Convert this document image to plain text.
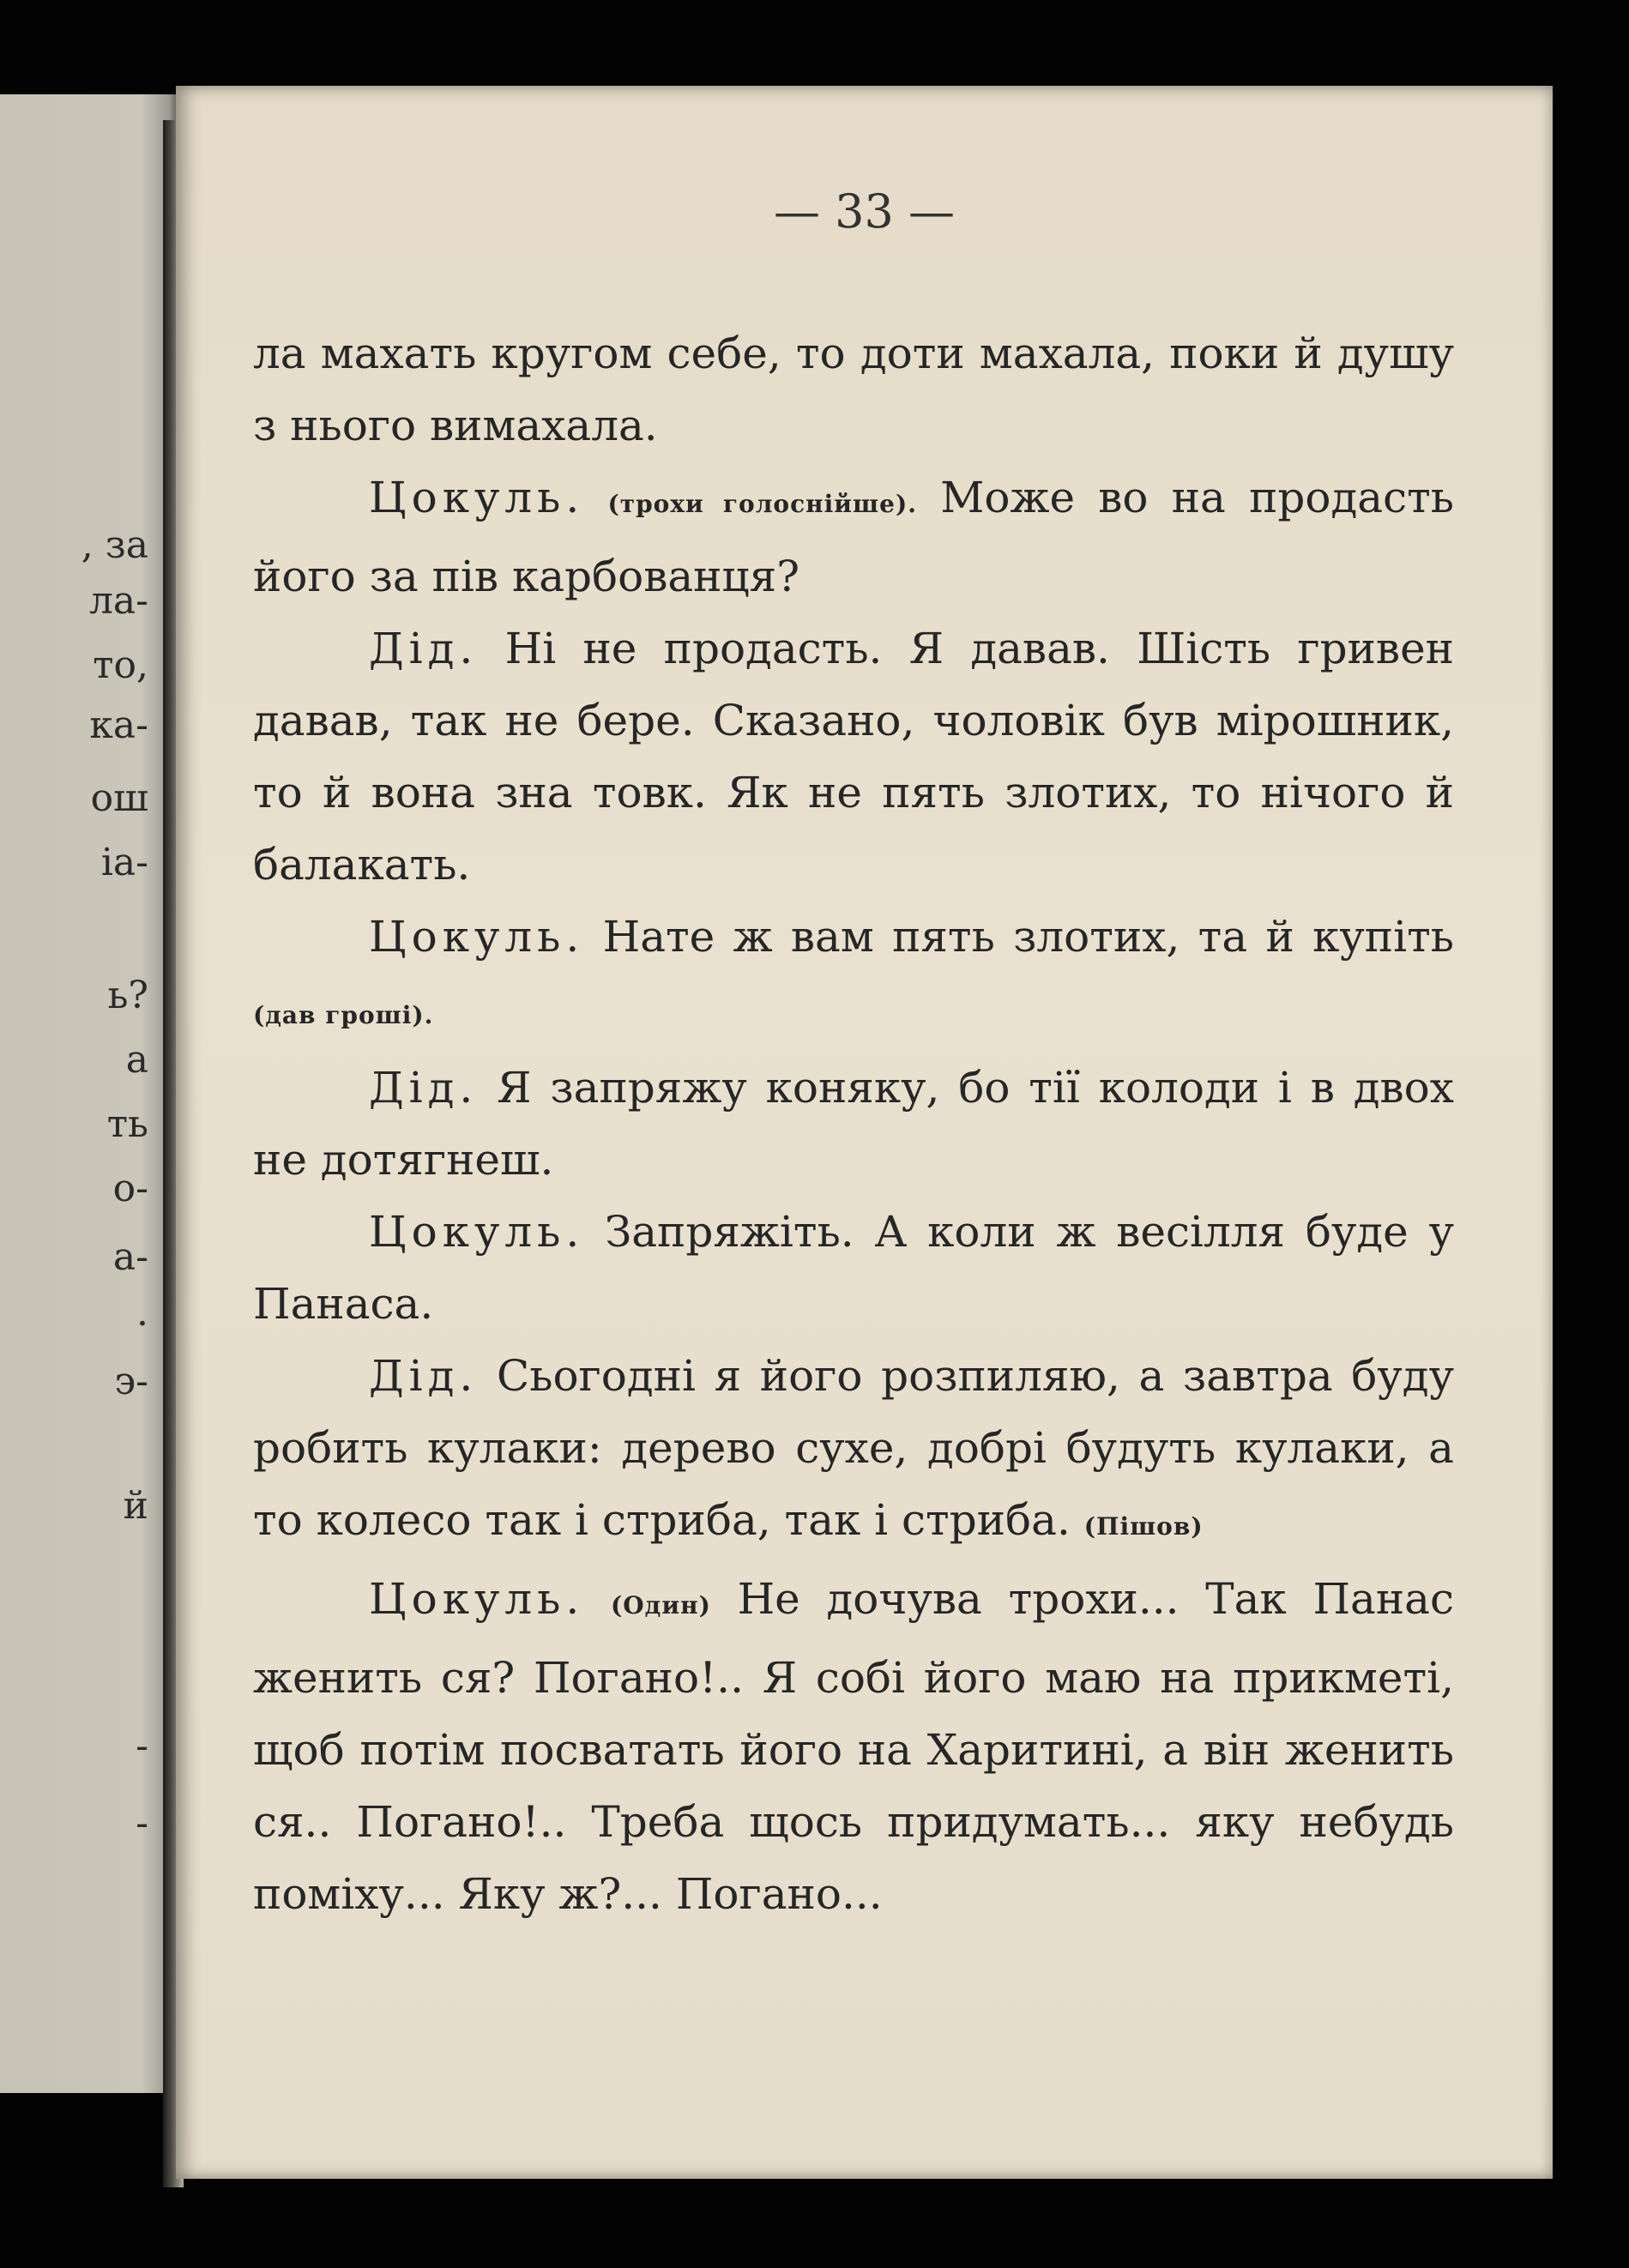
, за
ла-
то,
ка-
ош
іа-
ь?
а
ть
о-
а-
.
э-
й
-
-
— 33 —

ла махать кругом себе, то доти махала, поки й душу з нього вимахала.

Цокуль. (трохи голоснійше). Може во на продасть його за пів карбованця?

Дід. Ні не продасть. Я давав. Шість гривен давав, так не бере. Сказано, чоловік був мірошник, то й вона зна товк. Як не пять злотих, то нічого й балакать.

Цокуль. Нате ж вам пять злотих, та й купіть (дав гроші).

Дід. Я запряжу коняку, бо тії колоди і в двох не дотягнеш.

Цокуль. Запряжіть. А коли ж весілля буде у Панаса.

Дід. Сьогодні я його розпиляю, а завтра буду робить кулаки: дерево сухе, добрі будуть кулаки, а то колесо так і стриба, так і стриба. (Пішов)

Цокуль. (Один) Не дочува трохи... Так Панас женить ся? Погано!.. Я собі його маю на прикметі, щоб потім посватать його на Харитині, а він женить ся.. Погано!.. Треба щось придумать... яку небудь поміху... Яку ж?... Погано...
